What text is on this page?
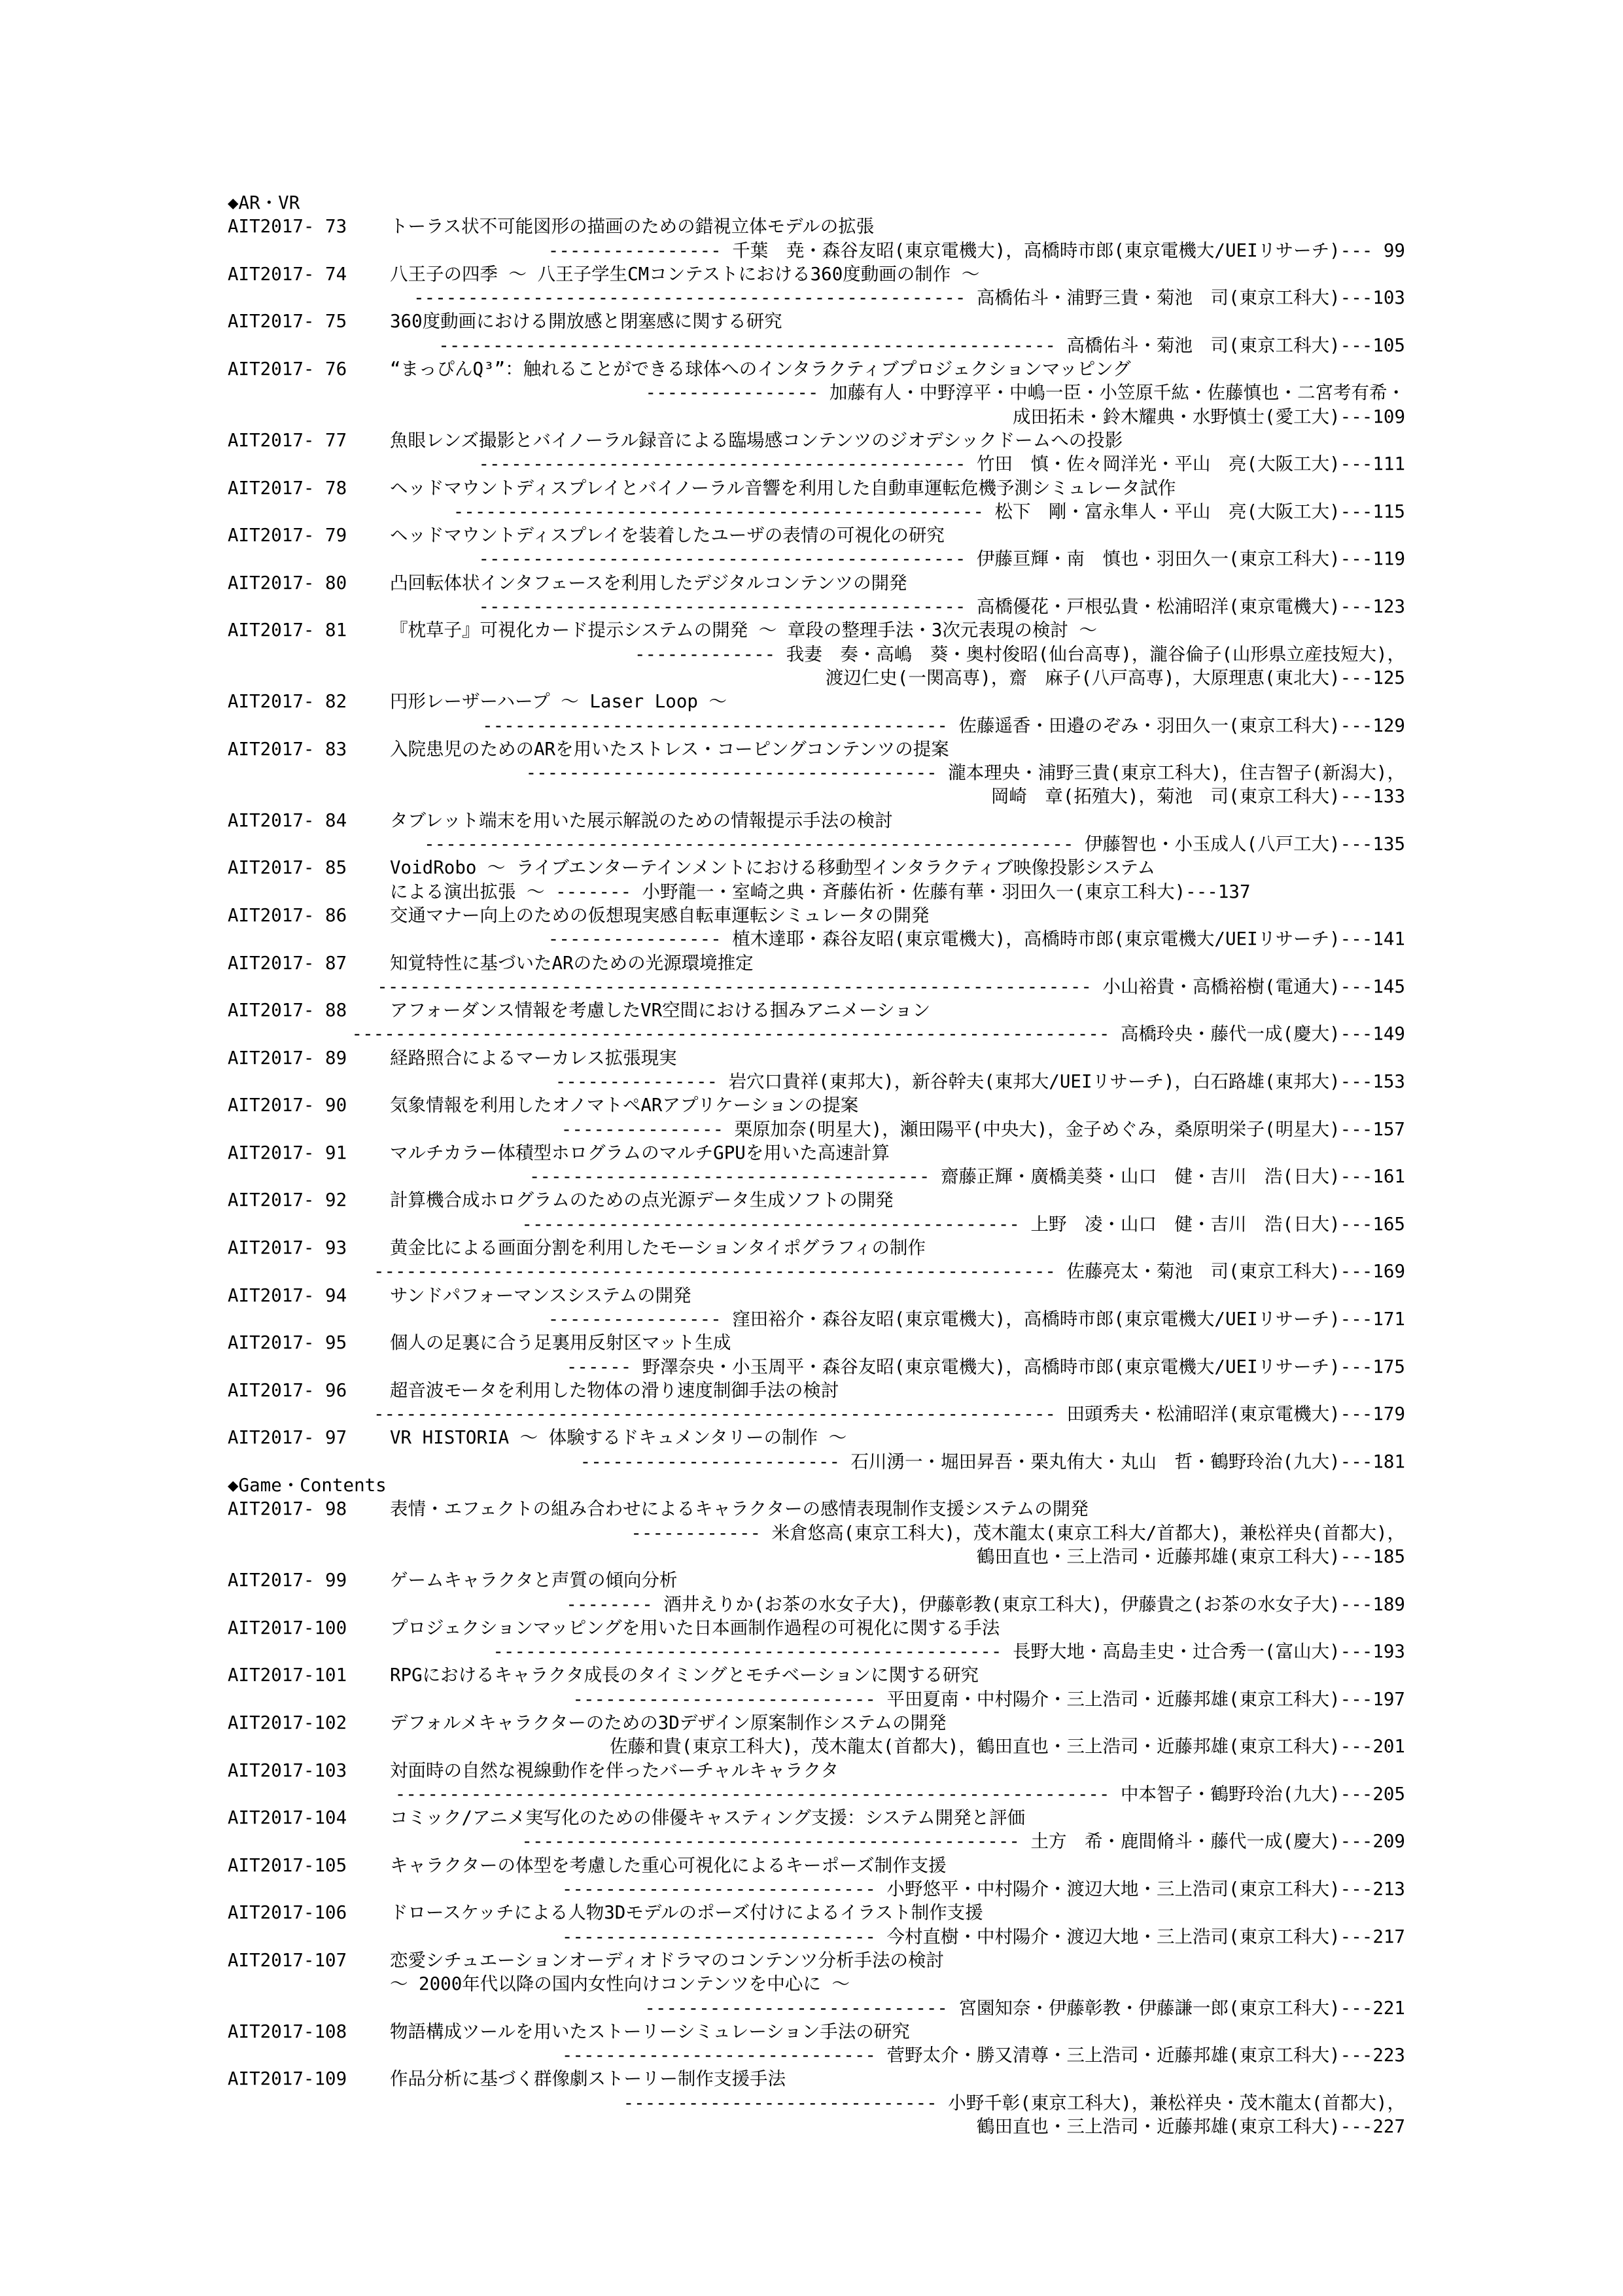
◆AR・VR
AIT2017- 73 トーラス状不可能図形の描画のための錯視立体モデルの拡張
---------------- 千葉　尭・森谷友昭(東京電機大)，高橋時市郎(東京電機大/UEIリサーチ)--- 99
AIT2017- 74 八王子の四季 ～ 八王子学生CMコンテストにおける360度動画の制作 ～
--------------------------------------------------- 高橋佑斗・浦野三貴・菊池　司(東京工科大)---103
AIT2017- 75 360度動画における開放感と閉塞感に関する研究
--------------------------------------------------------- 高橋佑斗・菊池　司(東京工科大)---105
AIT2017- 76 “まっぴんQ³”：触れることができる球体へのインタラクティブプロジェクションマッピング
---------------- 加藤有人・中野淳平・中嶋一臣・小笠原千紘・佐藤慎也・二宮考有希・
成田拓未・鈴木耀典・水野慎士(愛工大)---109
AIT2017- 77 魚眼レンズ撮影とバイノーラル録音による臨場感コンテンツのジオデシックドームへの投影
--------------------------------------------- 竹田　慎・佐々岡洋光・平山　亮(大阪工大)---111
AIT2017- 78 ヘッドマウントディスプレイとバイノーラル音響を利用した自動車運転危機予測シミュレータ試作
------------------------------------------------- 松下　剛・富永隼人・平山　亮(大阪工大)---115
AIT2017- 79 ヘッドマウントディスプレイを装着したユーザの表情の可視化の研究
--------------------------------------------- 伊藤亘輝・南　慎也・羽田久一(東京工科大)---119
AIT2017- 80 凸回転体状インタフェースを利用したデジタルコンテンツの開発
--------------------------------------------- 高橋優花・戸根弘貴・松浦昭洋(東京電機大)---123
AIT2017- 81 『枕草子』可視化カード提示システムの開発 ～ 章段の整理手法・3次元表現の検討 ～
------------- 我妻　奏・高嶋　葵・奥村俊昭(仙台高専)，瀧谷倫子(山形県立産技短大)，
渡辺仁史(一関高専)，齋　麻子(八戸高専)，大原理恵(東北大)---125
AIT2017- 82 円形レーザーハープ ～ Laser Loop ～
------------------------------------------- 佐藤遥香・田邉のぞみ・羽田久一(東京工科大)---129
AIT2017- 83 入院患児のためのARを用いたストレス・コーピングコンテンツの提案
-------------------------------------- 瀧本理央・浦野三貴(東京工科大)，住吉智子(新潟大)，
岡崎　章(拓殖大)，菊池　司(東京工科大)---133
AIT2017- 84 タブレット端末を用いた展示解説のための情報提示手法の検討
------------------------------------------------------------ 伊藤智也・小玉成人(八戸工大)---135
AIT2017- 85 VoidRobo ～ ライブエンターテインメントにおける移動型インタラクティブ映像投影システム
による演出拡張 ～ ------- 小野龍一・室崎之典・斉藤佑祈・佐藤有華・羽田久一(東京工科大)---137
AIT2017- 86 交通マナー向上のための仮想現実感自転車運転シミュレータの開発
---------------- 植木達耶・森谷友昭(東京電機大)，高橋時市郎(東京電機大/UEIリサーチ)---141
AIT2017- 87 知覚特性に基づいたARのための光源環境推定
------------------------------------------------------------------ 小山裕貴・高橋裕樹(電通大)---145
AIT2017- 88 アフォーダンス情報を考慮したVR空間における掴みアニメーション
---------------------------------------------------------------------- 高橋玲央・藤代一成(慶大)---149
AIT2017- 89 経路照合によるマーカレス拡張現実
--------------- 岩穴口貴祥(東邦大)，新谷幹夫(東邦大/UEIリサーチ)，白石路雄(東邦大)---153
AIT2017- 90 気象情報を利用したオノマトペARアプリケーションの提案
--------------- 栗原加奈(明星大)，瀬田陽平(中央大)，金子めぐみ，桑原明栄子(明星大)---157
AIT2017- 91 マルチカラー体積型ホログラムのマルチGPUを用いた高速計算
------------------------------------- 齋藤正輝・廣橋美葵・山口　健・吉川　浩(日大)---161
AIT2017- 92 計算機合成ホログラムのための点光源データ生成ソフトの開発
---------------------------------------------- 上野　凌・山口　健・吉川　浩(日大)---165
AIT2017- 93 黄金比による画面分割を利用したモーションタイポグラフィの制作
--------------------------------------------------------------- 佐藤亮太・菊池　司(東京工科大)---169
AIT2017- 94 サンドパフォーマンスシステムの開発
---------------- 窪田裕介・森谷友昭(東京電機大)，高橋時市郎(東京電機大/UEIリサーチ)---171
AIT2017- 95 個人の足裏に合う足裏用反射区マット生成
------ 野澤奈央・小玉周平・森谷友昭(東京電機大)，高橋時市郎(東京電機大/UEIリサーチ)---175
AIT2017- 96 超音波モータを利用した物体の滑り速度制御手法の検討
--------------------------------------------------------------- 田頭秀夫・松浦昭洋(東京電機大)---179
AIT2017- 97 VR HISTORIA ～ 体験するドキュメンタリーの制作 ～
------------------------ 石川湧一・堀田昇吾・栗丸侑大・丸山　哲・鶴野玲治(九大)---181
◆Game・Contents
AIT2017- 98 表情・エフェクトの組み合わせによるキャラクターの感情表現制作支援システムの開発
------------ 米倉悠高(東京工科大)，茂木龍太(東京工科大/首都大)，兼松祥央(首都大)，
鶴田直也・三上浩司・近藤邦雄(東京工科大)---185
AIT2017- 99 ゲームキャラクタと声質の傾向分析
-------- 酒井えりか(お茶の水女子大)，伊藤彰教(東京工科大)，伊藤貴之(お茶の水女子大)---189
AIT2017-100 プロジェクションマッピングを用いた日本画制作過程の可視化に関する手法
----------------------------------------------- 長野大地・高島圭史・辻合秀一(富山大)---193
AIT2017-101 RPGにおけるキャラクタ成長のタイミングとモチベーションに関する研究
---------------------------- 平田夏南・中村陽介・三上浩司・近藤邦雄(東京工科大)---197
AIT2017-102 デフォルメキャラクターのための3Dデザイン原案制作システムの開発
佐藤和貴(東京工科大)，茂木龍太(首都大)，鶴田直也・三上浩司・近藤邦雄(東京工科大)---201
AIT2017-103 対面時の自然な視線動作を伴ったバーチャルキャラクタ
------------------------------------------------------------------ 中本智子・鶴野玲治(九大)---205
AIT2017-104 コミック/アニメ実写化のための俳優キャスティング支援：システム開発と評価
---------------------------------------------- 土方　希・鹿間脩斗・藤代一成(慶大)---209
AIT2017-105 キャラクターの体型を考慮した重心可視化によるキーポーズ制作支援
----------------------------- 小野悠平・中村陽介・渡辺大地・三上浩司(東京工科大)---213
AIT2017-106 ドロースケッチによる人物3Dモデルのポーズ付けによるイラスト制作支援
----------------------------- 今村直樹・中村陽介・渡辺大地・三上浩司(東京工科大)---217
AIT2017-107 恋愛シチュエーションオーディオドラマのコンテンツ分析手法の検討
～ 2000年代以降の国内女性向けコンテンツを中心に ～
---------------------------- 宮園知奈・伊藤彰教・伊藤謙一郎(東京工科大)---221
AIT2017-108 物語構成ツールを用いたストーリーシミュレーション手法の研究
----------------------------- 菅野太介・勝又清尊・三上浩司・近藤邦雄(東京工科大)---223
AIT2017-109 作品分析に基づく群像劇ストーリー制作支援手法
----------------------------- 小野千彰(東京工科大)，兼松祥央・茂木龍太(首都大)，
鶴田直也・三上浩司・近藤邦雄(東京工科大)---227
